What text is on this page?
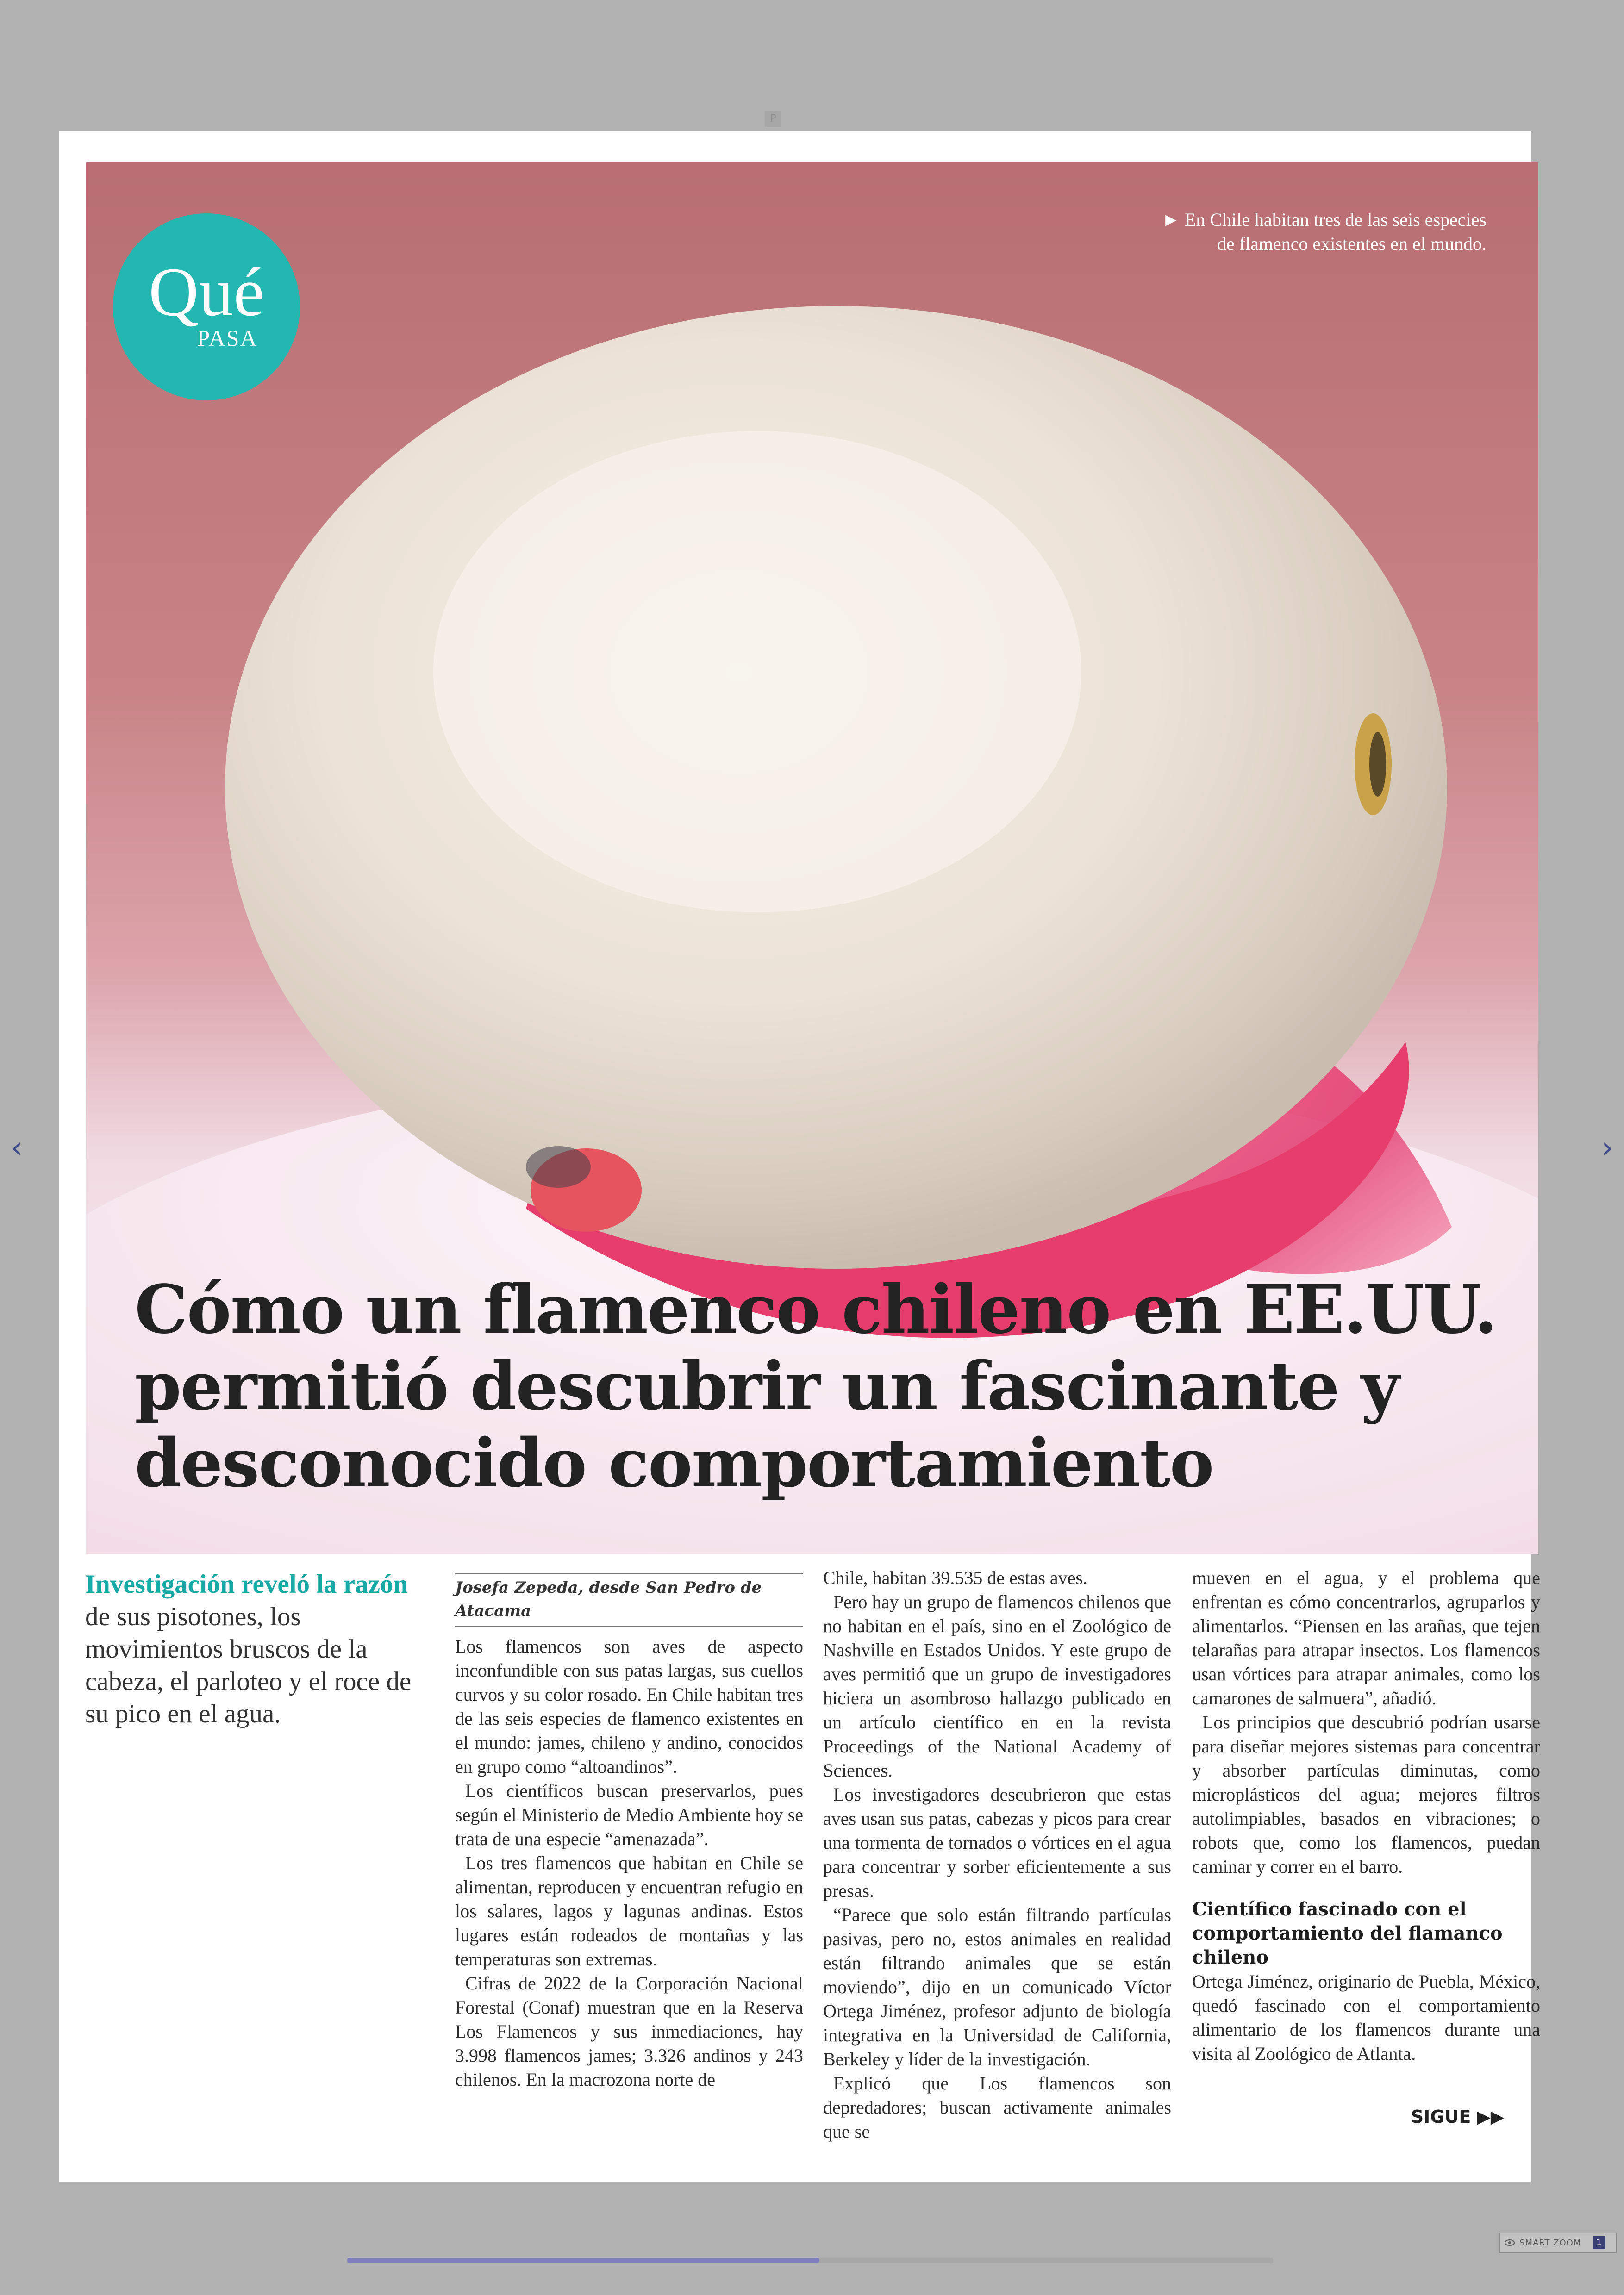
P
‹	›
Qué
PASA
► En Chile habitan tres de las seis especies
de flamenco existentes en el mundo.
Cómo un flamenco chileno en EE.UU.
permitió descubrir un fascinante y
desconocido comportamiento

Investigación reveló la razón de sus pisotones, los movimientos bruscos de la cabeza, el parloteo y el roce de su pico en el agua.

Josefa Zepeda, desde San Pedro de Atacama

Los flamencos son aves de aspecto inconfundible con sus patas largas, sus cuellos curvos y su color rosado. En Chile habitan tres de las seis especies de flamenco existentes en el mundo: james, chileno y andino, conocidos en grupo como “altoandinos”.

Los científicos buscan preservarlos, pues según el Ministerio de Medio Ambiente hoy se trata de una especie “amenazada”.

Los tres flamencos que habitan en Chile se alimentan, reproducen y encuentran refugio en los salares, lagos y lagunas andinas. Estos lugares están rodeados de montañas y las temperaturas son extremas.

Cifras de 2022 de la Corporación Nacional Forestal (Conaf) muestran que en la Reserva Los Flamencos y sus inmediaciones, hay 3.998 flamencos james; 3.326 andinos y 243 chilenos. En la macrozona norte de

Chile, habitan 39.535 de estas aves.

Pero hay un grupo de flamencos chilenos que no habitan en el país, sino en el Zoológico de Nashville en Estados Unidos. Y este grupo de aves permitió que un grupo de investigadores hiciera un asombroso hallazgo publicado en un artículo científico en en la revista Proceedings of the National Academy of Sciences.

Los investigadores descubrieron que estas aves usan sus patas, cabezas y picos para crear una tormenta de tornados o vórtices en el agua para concentrar y sorber eficientemente a sus presas.

“Parece que solo están filtrando partículas pasivas, pero no, estos animales en realidad están filtrando animales que se están moviendo”, dijo en un comunicado Víctor Ortega Jiménez, profesor adjunto de biología integrativa en la Universidad de California, Berkeley y líder de la investigación.

Explicó que Los flamencos son depredadores; buscan activamente animales que se

mueven en el agua, y el problema que enfrentan es cómo concentrarlos, agruparlos y alimentarlos. “Piensen en las arañas, que tejen telarañas para atrapar insectos. Los flamencos usan vórtices para atrapar animales, como los camarones de salmuera”, añadió.

Los principios que descubrió podrían usarse para diseñar mejores sistemas para concentrar y absorber partículas diminutas, como microplásticos del agua; mejores filtros autolimpiables, basados en vibraciones; o robots que, como los flamencos, puedan caminar y correr en el barro.

Científico fascinado con el comportamiento del flamanco chileno

Ortega Jiménez, originario de Puebla, México, quedó fascinado con el comportamiento alimentario de los flamencos durante una visita al Zoológico de Atlanta.

SIGUE ▶▶
SMART ZOOM	1
